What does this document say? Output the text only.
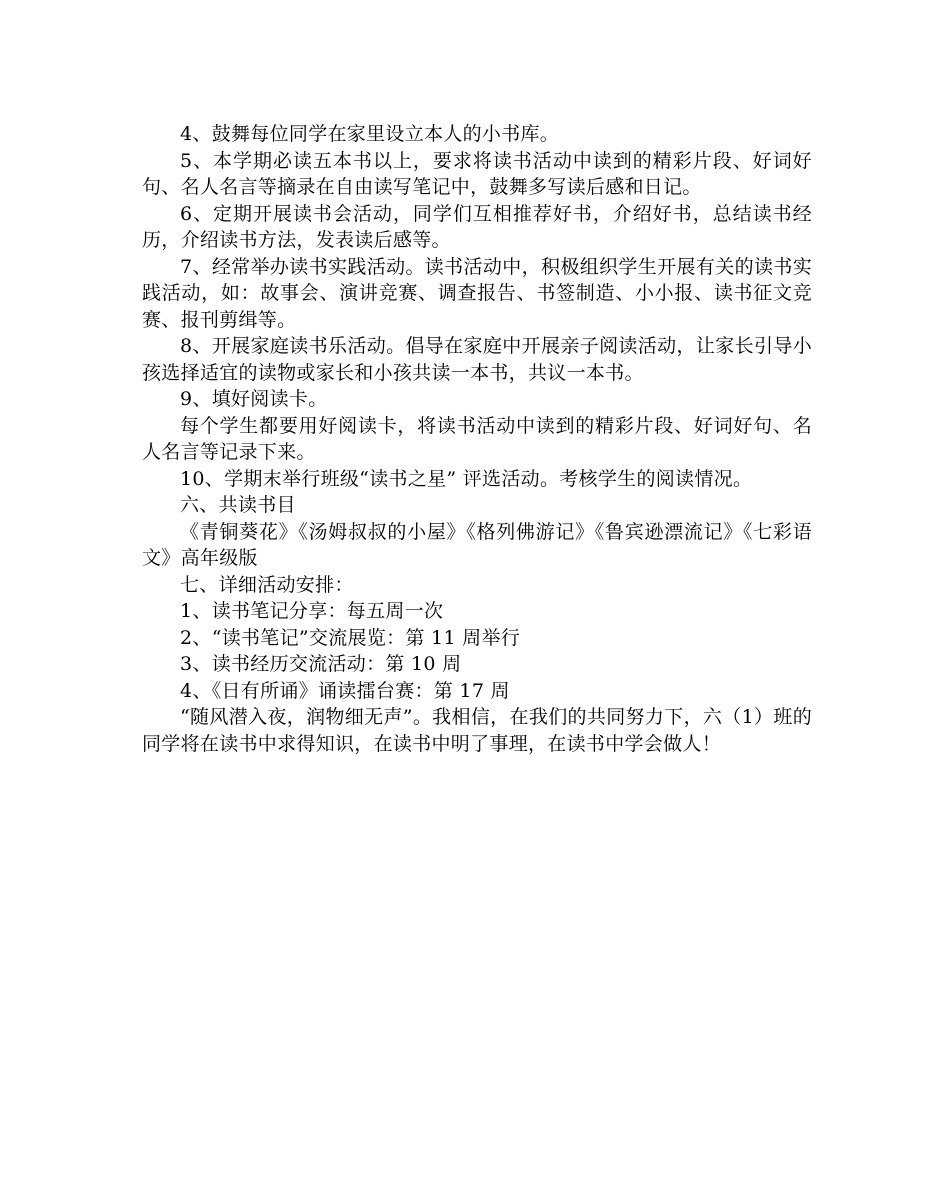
4、鼓舞每位同学在家里设立本人的小书库。

5、本学期必读五本书以上，要求将读书活动中读到的精彩片段、好词好句、名人名言等摘录在自由读写笔记中，鼓舞多写读后感和日记。

6、定期开展读书会活动，同学们互相推荐好书，介绍好书，总结读书经历，介绍读书方法，发表读后感等。

7、经常举办读书实践活动。读书活动中，积极组织学生开展有关的读书实践活动，如：故事会、演讲竞赛、调查报告、书签制造、小小报、读书征文竞赛、报刊剪缉等。

8、开展家庭读书乐活动。倡导在家庭中开展亲子阅读活动，让家长引导小孩选择适宜的读物或家长和小孩共读一本书，共议一本书。

9、填好阅读卡。

每个学生都要用好阅读卡，将读书活动中读到的精彩片段、好词好句、名人名言等记录下来。

10、学期末举行班级“读书之星” 评选活动。考核学生的阅读情况。

六、共读书目

《青铜葵花》《汤姆叔叔的小屋》《格列佛游记》《鲁宾逊漂流记》《七彩语文》高年级版

七、详细活动安排：

1、读书笔记分享：每五周一次

2、“读书笔记”交流展览：第 11 周举行

3、读书经历交流活动：第 10 周

4、《日有所诵》诵读擂台赛：第 17 周

“随风潜入夜，润物细无声”。我相信，在我们的共同努力下，六（1）班的同学将在读书中求得知识，在读书中明了事理，在读书中学会做人！
